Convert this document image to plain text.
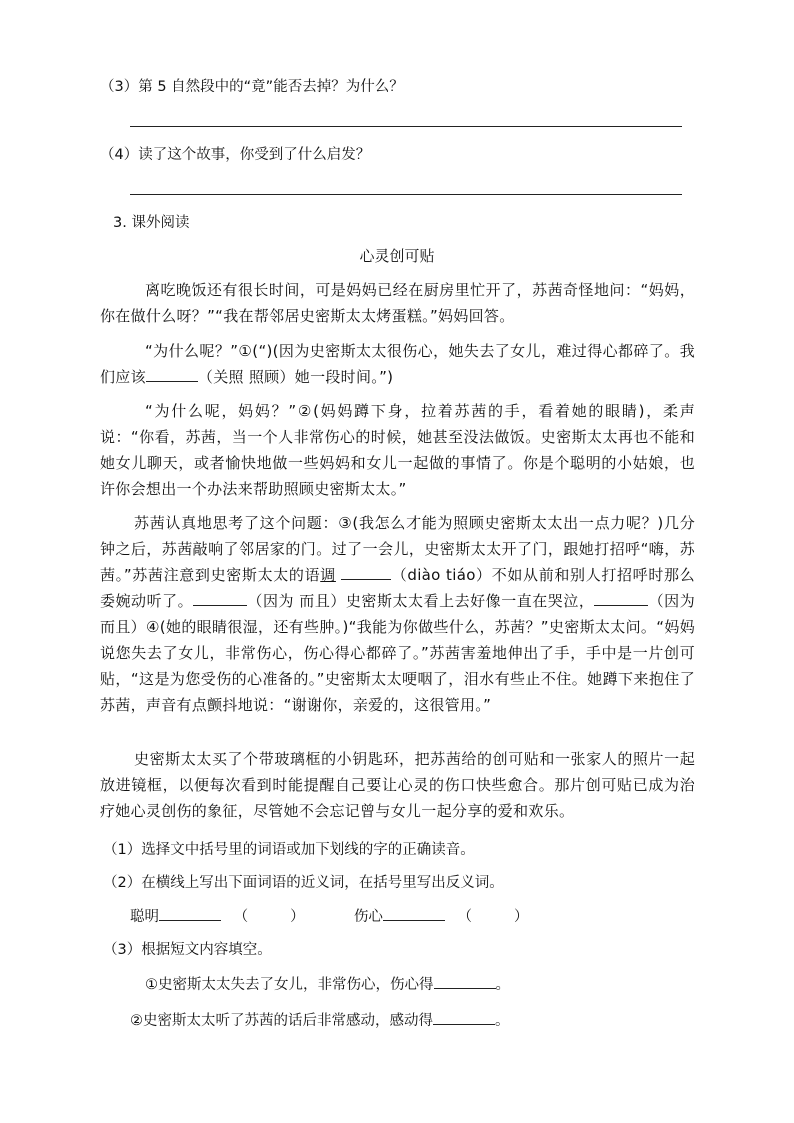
（3）第 5 自然段中的“竟”能否去掉？为什么？
（4）读了这个故事，你受到了什么启发？
3. 课外阅读
心灵创可贴
离吃晚饭还有很长时间，可是妈妈已经在厨房里忙开了，苏茜奇怪地问：“妈妈，你在做什么呀？”“我在帮邻居史密斯太太烤蛋糕。”妈妈回答。
“为什么呢？”①(“)(因为史密斯太太很伤心，她失去了女儿，难过得心都碎了。我们应该	（关照 照顾）她一段时间。”)
“为什么呢，妈妈？”②(妈妈蹲下身，拉着苏茜的手，看着她的眼睛)，柔声说：“你看，苏茜，当一个人非常伤心的时候，她甚至没法做饭。史密斯太太再也不能和她女儿聊天，或者愉快地做一些妈妈和女儿一起做的事情了。你是个聪明的小姑娘，也许你会想出一个办法来帮助照顾史密斯太太。”
苏茜认真地思考了这个问题：③(我怎么才能为照顾史密斯太太出一点力呢？)几分钟之后，苏茜敲响了邻居家的门。过了一会儿，史密斯太太开了门，跟她打招呼“嗨，苏茜。”苏茜注意到史密斯太太的语调	（diào tiáo）不如从前和别人打招呼时那么委婉动听了。	（因为 而且）史密斯太太看上去好像一直在哭泣，	（因为 而且）④(她的眼睛很湿，还有些肿。)“我能为你做些什么，苏茜？”史密斯太太问。“妈妈说您失去了女儿，非常伤心，伤心得心都碎了。”苏茜害羞地伸出了手，手中是一片创可贴，“这是为您受伤的心准备的。”史密斯太太哽咽了，泪水有些止不住。她蹲下来抱住了苏茜，声音有点颤抖地说：“谢谢你，亲爱的，这很管用。”
史密斯太太买了个带玻璃框的小钥匙环，把苏茜给的创可贴和一张家人的照片一起放进镜框，以便每次看到时能提醒自己要让心灵的伤口快些愈合。那片创可贴已成为治疗她心灵创伤的象征，尽管她不会忘记曾与女儿一起分享的爱和欢乐。
（1）选择文中括号里的词语或加下划线的字的正确读音。
（2）在横线上写出下面词语的近义词，在括号里写出反义词。
聪明	（	）	伤心	（	）
（3）根据短文内容填空。
①史密斯太太失去了女儿，非常伤心，伤心得	。
②史密斯太太听了苏茜的话后非常感动，感动得	。
